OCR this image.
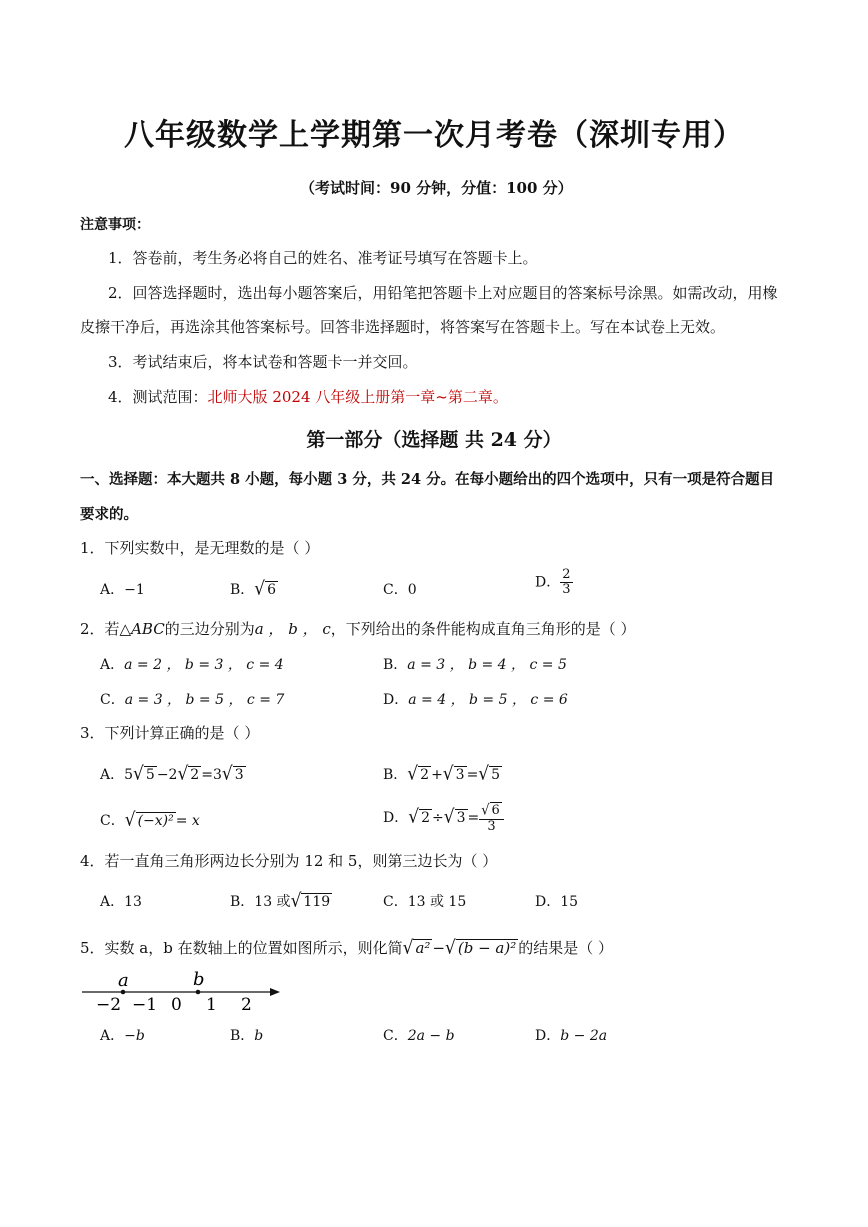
八年级数学上学期第一次月考卷（深圳专用）
（考试时间：90 分钟，分值：100 分）
注意事项：
1．答卷前，考生务必将自己的姓名、准考证号填写在答题卡上。
2．回答选择题时，选出每小题答案后，用铅笔把答题卡上对应题目的答案标号涂黑。如需改动，用橡
皮擦干净后，再选涂其他答案标号。回答非选择题时，将答案写在答题卡上。写在本试卷上无效。
3．考试结束后，将本试卷和答题卡一并交回。
4．测试范围：北师大版 2024 八年级上册第一章~第二章。
第一部分（选择题 共 24 分）
一、选择题：本大题共 8 小题，每小题 3 分，共 24 分。在每小题给出的四个选项中，只有一项是符合题目
要求的。
1．下列实数中，是无理数的是（ ）
A．−1	B．√ 6	C．0	D． $\frac{2}{3}$
2．若△ABC的三边分别为a ， b ， c，下列给出的条件能构成直角三角形的是（ ）
A．a = 2 ， b = 3 ， c = 4	B．a = 3 ， b = 4 ， c = 5
C．a = 3 ， b = 5 ， c = 7	D．a = 4 ， b = 5 ， c = 6
3．下列计算正确的是（ ）
A．5√ 5 −2√ 2 =3√ 3	B．√ 2 +√ 3 =√ 5
C．√ (−x)² = x	D．√ 2 ÷√ $3 = \frac{√ 6}{3}$
4．若一直角三角形两边长分别为 12 和 5，则第三边长为（ ）
A．13	B．13 或√ 119	C．13 或 15	D．15
5．实数 a，b 在数轴上的位置如图所示，则化简√ a² −√ (b − a)² 的结果是（ ）
a	b
−2 −1 0 1 2
A．−b	B．b	C．2a − b	D．b − 2a
